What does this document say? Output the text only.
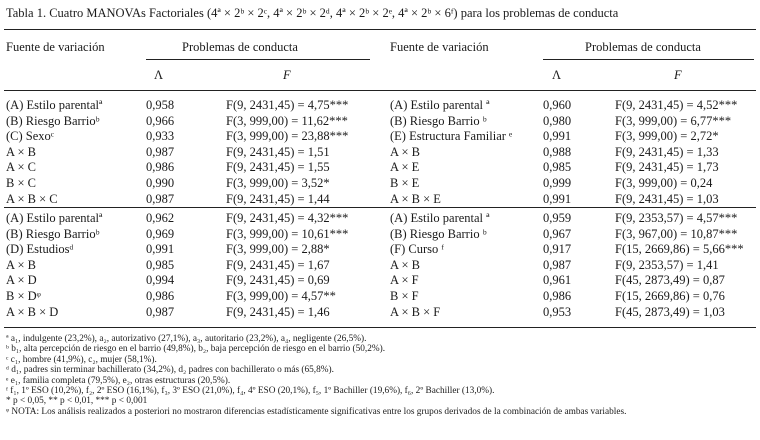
Tabla 1. Cuatro MANOVAs Factoriales (4ª × 2ᵇ × 2ᶜ, 4ª × 2ᵇ × 2ᵈ, 4ª × 2ᵇ × 2ᵉ, 4ª × 2ᵇ × 6ᶠ) para los problemas de conducta
Fuente de variación	Problemas de conducta	Fuente de variación	Problemas de conducta
Λ	F	Λ	F
(A) Estilo parentalª	0,958	F(9, 2431,45) = 4,75***	(A) Estilo parental ª	0,960	F(9, 2431,45) = 4,52***
(B) Riesgo Barrioᵇ	0,966	F(3, 999,00) = 11,62***	(B) Riesgo Barrio ᵇ	0,980	F(3, 999,00) = 6,77***
(C) Sexoᶜ	0,933	F(3, 999,00) = 23,88***	(E) Estructura Familiar ᵉ 0,991	F(3, 999,00) = 2,72*
A × B	0,987	F(9, 2431,45) = 1,51	A × B	0,988	F(9, 2431,45) = 1,33
A × C	0,986	F(9, 2431,45) = 1,55	A × E	0,985	F(9, 2431,45) = 1,73
B × C	0,990	F(3, 999,00) = 3,52*	B × E	0,999	F(3, 999,00) = 0,24
A × B × C	0,987	F(9, 2431,45) = 1,44	A × B × E	0,991	F(9, 2431,45) = 1,03
(A) Estilo parentalª	0,962	F(9, 2431,45) = 4,32***	(A) Estilo parental ª	0,959	F(9, 2353,57) = 4,57***
(B) Riesgo Barrioᵇ	0,969	F(3, 999,00) = 10,61***	(B) Riesgo Barrio ᵇ	0,967	F(3, 967,00) = 10,87***
(D) Estudiosᵈ	0,991	F(3, 999,00) = 2,88*	(F) Curso ᶠ	0,917	F(15, 2669,86) = 5,66***
A × B	0,985	F(9, 2431,45) = 1,67	A × B	0,987	F(9, 2353,57) = 1,41
A × D	0,994	F(9, 2431,45) = 0,69	A × F	0,961	F(45, 2873,49) = 0,87
B × Dᵠ	0,986	F(3, 999,00) = 4,57**	B × F	0,986	F(15, 2669,86) = 0,76
A × B × D	0,987	F(9, 2431,45) = 1,46	A × B × F	0,953	F(45, 2873,49) = 1,03
ª a₁, indulgente (23,2%), a₂, autorizativo (27,1%), a₃, autoritario (23,2%), a₄, negligente (26,5%).
ᵇ b₁, alta percepción de riesgo en el barrio (49,8%), b₂, baja percepción de riesgo en el barrio (50,2%).
ᶜ c₁, hombre (41,9%), c₂, mujer (58,1%).
ᵈ d₁, padres sin terminar bachillerato (34,2%), d₂ padres con bachillerato o más (65,8%).
ᵉ e₁, familia completa (79,5%), e₂, otras estructuras (20,5%).
ᶠ f₁, 1º ESO (10,2%), f₂, 2º ESO (16,1%), f₃, 3º ESO (21,0%), f₄, 4º ESO (20,1%), f₅, 1º Bachiller (19,6%), f₆, 2º Bachiller (13,0%).
* p < 0,05, ** p < 0,01, *** p < 0,001
ᵠ NOTA: Los análisis realizados a posteriori no mostraron diferencias estadísticamente significativas entre los grupos derivados de la combinación de ambas variables.
